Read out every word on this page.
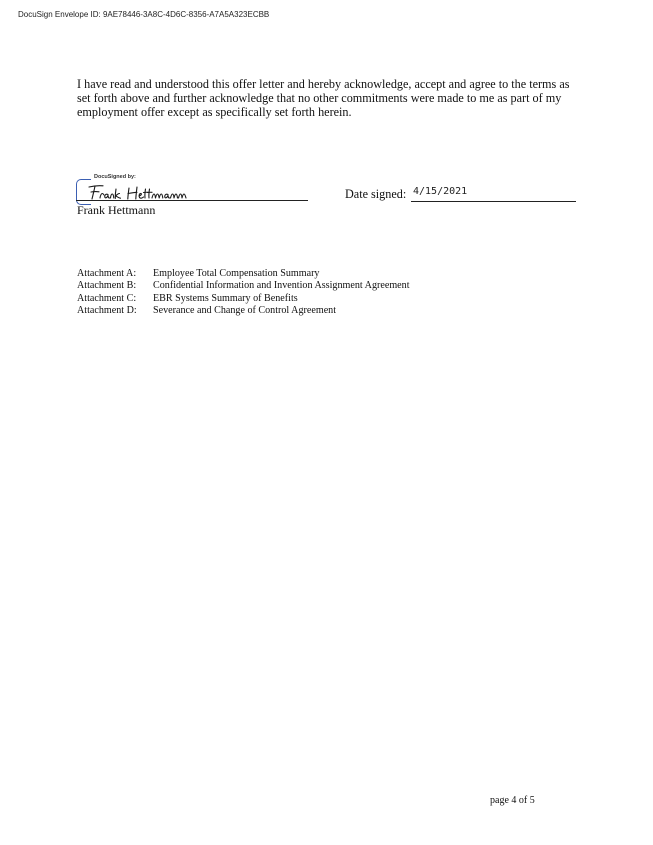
DocuSign Envelope ID: 9AE78446-3A8C-4D6C-8356-A7A5A323ECBB

I have read and understood this offer letter and hereby acknowledge, accept and agree to the terms as set forth above and further acknowledge that no other commitments were made to me as part of my employment offer except as specifically set forth herein.

DocuSigned by:
Frank Hettmann
Date signed: 4/15/2021
Attachment A:	Employee Total Compensation Summary
Attachment B:	Confidential Information and Invention Assignment Agreement
Attachment C:	EBR Systems Summary of Benefits
Attachment D:	Severance and Change of Control Agreement
page 4 of 5
